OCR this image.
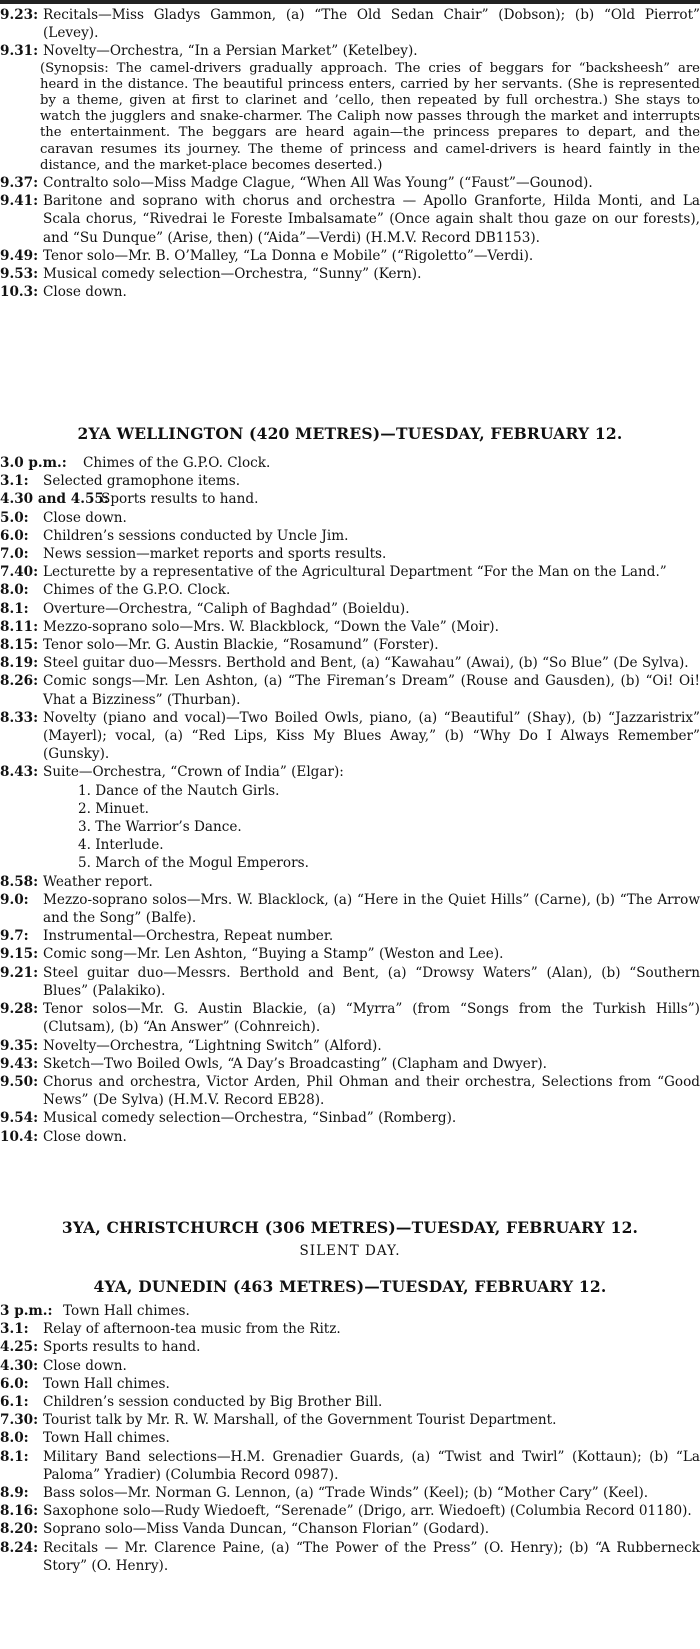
9.23: Recitals—Miss Gladys Gammon, (a) “The Old Sedan Chair” (Dobson); (b) “Old Pierrot” (Levey).
9.31: Novelty—Orchestra, “In a Persian Market” (Ketelbey).
(Synopsis: The camel-drivers gradually approach. The cries of beggars for “backsheesh” are heard in the distance. The beautiful princess enters, carried by her servants. (She is represented by a theme, given at first to clarinet and ’cello, then repeated by full orchestra.) She stays to watch the jugglers and snake-charmer. The Caliph now passes through the market and interrupts the entertainment. The beggars are heard again—the princess prepares to depart, and the caravan resumes its journey. The theme of princess and camel-drivers is heard faintly in the distance, and the market-place becomes deserted.)
9.37: Contralto solo—Miss Madge Clague, “When All Was Young” (“Faust”—Gounod).
9.41: Baritone and soprano with chorus and orchestra — Apollo Granforte, Hilda Monti, and La Scala chorus, “Rivedrai le Foreste Imbalsamate” (Once again shalt thou gaze on our forests), and “Su Dunque” (Arise, then) (“Aida”—Verdi) (H.M.V. Record DB1153).
9.49: Tenor solo—Mr. B. O’Malley, “La Donna e Mobile” (“Rigoletto”—Verdi).
9.53: Musical comedy selection—Orchestra, “Sunny” (Kern).
10.3: Close down.
2YA WELLINGTON (420 METRES)—TUESDAY, FEBRUARY 12.
3.0 p.m.:	Chimes of the G.P.O. Clock.
3.1: Selected gramophone items.
4.30 and 4.55:
Sports results to hand.
5.0: Close down.
6.0: Children’s sessions conducted by Uncle Jim.
7.0: News session—market reports and sports results.
7.40: Lecturette by a representative of the Agricultural Department “For the Man on the Land.”
8.0: Chimes of the G.P.O. Clock.
8.1: Overture—Orchestra, “Caliph of Baghdad” (Boieldu).
8.11: Mezzo-soprano solo—Mrs. W. Blackblock, “Down the Vale” (Moir).
8.15: Tenor solo—Mr. G. Austin Blackie, “Rosamund” (Forster).
8.19: Steel guitar duo—Messrs. Berthold and Bent, (a) “Kawahau” (Awai), (b) “So Blue” (De Sylva).
8.26: Comic songs—Mr. Len Ashton, (a) “The Fireman’s Dream” (Rouse and Gausden), (b) “Oi! Oi! Vhat a Bizziness” (Thurban).
8.33: Novelty (piano and vocal)—Two Boiled Owls, piano, (a) “Beautiful” (Shay), (b) “Jazzaristrix” (Mayerl); vocal, (a) “Red Lips, Kiss My Blues Away,” (b) “Why Do I Always Remember” (Gunsky).
8.43: Suite—Orchestra, “Crown of India” (Elgar):
1. Dance of the Nautch Girls.
2. Minuet.
3. The Warrior’s Dance.
4. Interlude.
5. March of the Mogul Emperors.
8.58: Weather report.
9.0: Mezzo-soprano solos—Mrs. W. Blacklock, (a) “Here in the Quiet Hills” (Carne), (b) “The Arrow and the Song” (Balfe).
9.7: Instrumental—Orchestra, Repeat number.
9.15: Comic song—Mr. Len Ashton, “Buying a Stamp” (Weston and Lee).
9.21: Steel guitar duo—Messrs. Berthold and Bent, (a) “Drowsy Waters” (Alan), (b) “Southern Blues” (Palakiko).
9.28: Tenor solos—Mr. G. Austin Blackie, (a) “Myrra” (from “Songs from the Turkish Hills”) (Clutsam), (b) “An Answer” (Cohnreich).
9.35: Novelty—Orchestra, “Lightning Switch” (Alford).
9.43: Sketch—Two Boiled Owls, “A Day’s Broadcasting” (Clapham and Dwyer).
9.50: Chorus and orchestra, Victor Arden, Phil Ohman and their orchestra, Selections from “Good News” (De Sylva) (H.M.V. Record EB28).
9.54: Musical comedy selection—Orchestra, “Sinbad” (Romberg).
10.4: Close down.
3YA, CHRISTCHURCH (306 METRES)—TUESDAY, FEBRUARY 12.
SILENT DAY.
4YA, DUNEDIN (463 METRES)—TUESDAY, FEBRUARY 12.
3 p.m.: Town Hall chimes.
3.1: Relay of afternoon-tea music from the Ritz.
4.25: Sports results to hand.
4.30: Close down.
6.0: Town Hall chimes.
6.1: Children’s session conducted by Big Brother Bill.
7.30: Tourist talk by Mr. R. W. Marshall, of the Government Tourist Department.
8.0: Town Hall chimes.
8.1: Military Band selections—H.M. Grenadier Guards, (a) “Twist and Twirl” (Kottaun); (b) “La Paloma” Yradier) (Columbia Record 0987).
8.9: Bass solos—Mr. Norman G. Lennon, (a) “Trade Winds” (Keel); (b) “Mother Cary” (Keel).
8.16: Saxophone solo—Rudy Wiedoeft, “Serenade” (Drigo, arr. Wiedoeft) (Columbia Record 01180).
8.20: Soprano solo—Miss Vanda Duncan, “Chanson Florian” (Godard).
8.24: Recitals — Mr. Clarence Paine, (a) “The Power of the Press” (O. Henry); (b) “A Rubberneck Story” (O. Henry).
